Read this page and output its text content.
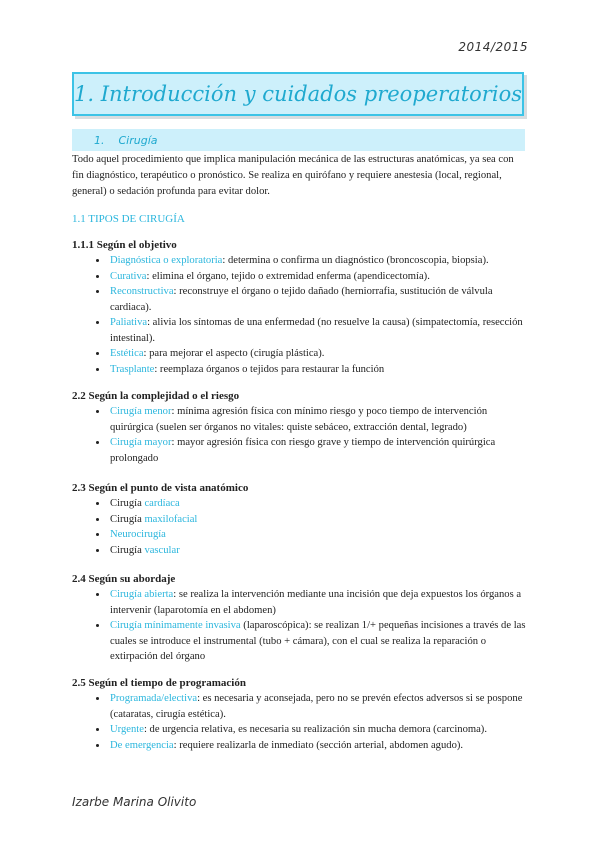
2014/2015
1. Introducción y cuidados preoperatorios
1. Cirugía
Todo aquel procedimiento que implica manipulación mecánica de las estructuras anatómicas, ya sea con fin diagnóstico, terapéutico o pronóstico. Se realiza en quirófano y requiere anestesia (local, regional, general) o sedación profunda para evitar dolor.
1.1 TIPOS DE CIRUGÍA
1.1.1 Según el objetivo
• Diagnóstica o exploratoria: determina o confirma un diagnóstico (broncoscopia, biopsia).
• Curativa: elimina el órgano, tejido o extremidad enferma (apendicectomía).
• Reconstructiva: reconstruye el órgano o tejido dañado (herniorrafia, sustitución de válvula cardiaca).
• Paliativa: alivia los síntomas de una enfermedad (no resuelve la causa) (simpatectomía, resección intestinal).
• Estética: para mejorar el aspecto (cirugía plástica).
• Trasplante: reemplaza órganos o tejidos para restaurar la función
2.2 Según la complejidad o el riesgo
• Cirugía menor: mínima agresión física con mínimo riesgo y poco tiempo de intervención quirúrgica (suelen ser órganos no vitales: quiste sebáceo, extracción dental, legrado)
• Cirugía mayor: mayor agresión física con riesgo grave y tiempo de intervención quirúrgica prolongado
2.3 Según el punto de vista anatómico
• Cirugía cardíaca
• Cirugía maxilofacial
• Neurocirugía
• Cirugía vascular
2.4 Según su abordaje
• Cirugía abierta: se realiza la intervención mediante una incisión que deja expuestos los órganos a intervenir (laparotomía en el abdomen)
• Cirugía mínimamente invasiva (laparoscópica): se realizan 1/+ pequeñas incisiones a través de las cuales se introduce el instrumental (tubo + cámara), con el cual se realiza la reparación o extirpación del órgano
2.5 Según el tiempo de programación
• Programada/electiva: es necesaria y aconsejada, pero no se prevén efectos adversos si se pospone (cataratas, cirugía estética).
• Urgente: de urgencia relativa, es necesaria su realización sin mucha demora (carcinoma).
• De emergencia: requiere realizarla de inmediato (sección arterial, abdomen agudo).
Izarbe Marina Olivito
